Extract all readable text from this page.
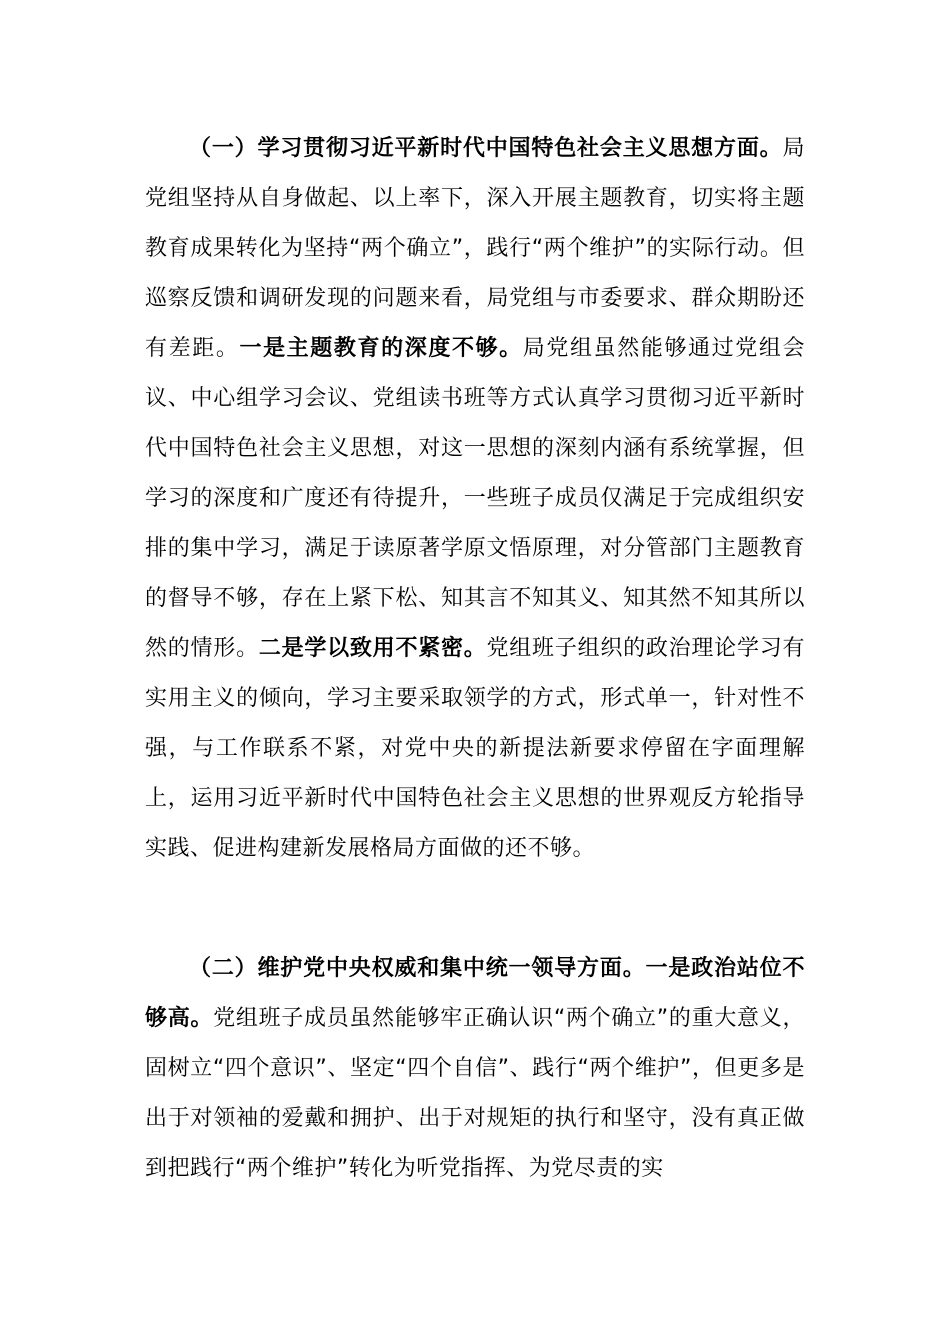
（一）学习贯彻习近平新时代中国特色社会主义思想方面。局党组坚持从自身做起、以上率下，深入开展主题教育，切实将主题教育成果转化为坚持“两个确立”，践行“两个维护”的实际行动。但巡察反馈和调研发现的问题来看，局党组与市委要求、群众期盼还有差距。一是主题教育的深度不够。局党组虽然能够通过党组会议、中心组学习会议、党组读书班等方式认真学习贯彻习近平新时代中国特色社会主义思想，对这一思想的深刻内涵有系统掌握，但学习的深度和广度还有待提升，一些班子成员仅满足于完成组织安排的集中学习，满足于读原著学原文悟原理，对分管部门主题教育的督导不够，存在上紧下松、知其言不知其义、知其然不知其所以然的情形。二是学以致用不紧密。党组班子组织的政治理论学习有实用主义的倾向，学习主要采取领学的方式，形式单一，针对性不强，与工作联系不紧，对党中央的新提法新要求停留在字面理解上，运用习近平新时代中国特色社会主义思想的世界观反方轮指导实践、促进构建新发展格局方面做的还不够。
（二）维护党中央权威和集中统一领导方面。一是政治站位不够高。党组班子成员虽然能够牢正确认识“两个确立”的重大意义，固树立“四个意识”、坚定“四个自信”、践行“两个维护”，但更多是出于对领袖的爱戴和拥护、出于对规矩的执行和坚守，没有真正做到把践行“两个维护”转化为听党指挥、为党尽责的实
